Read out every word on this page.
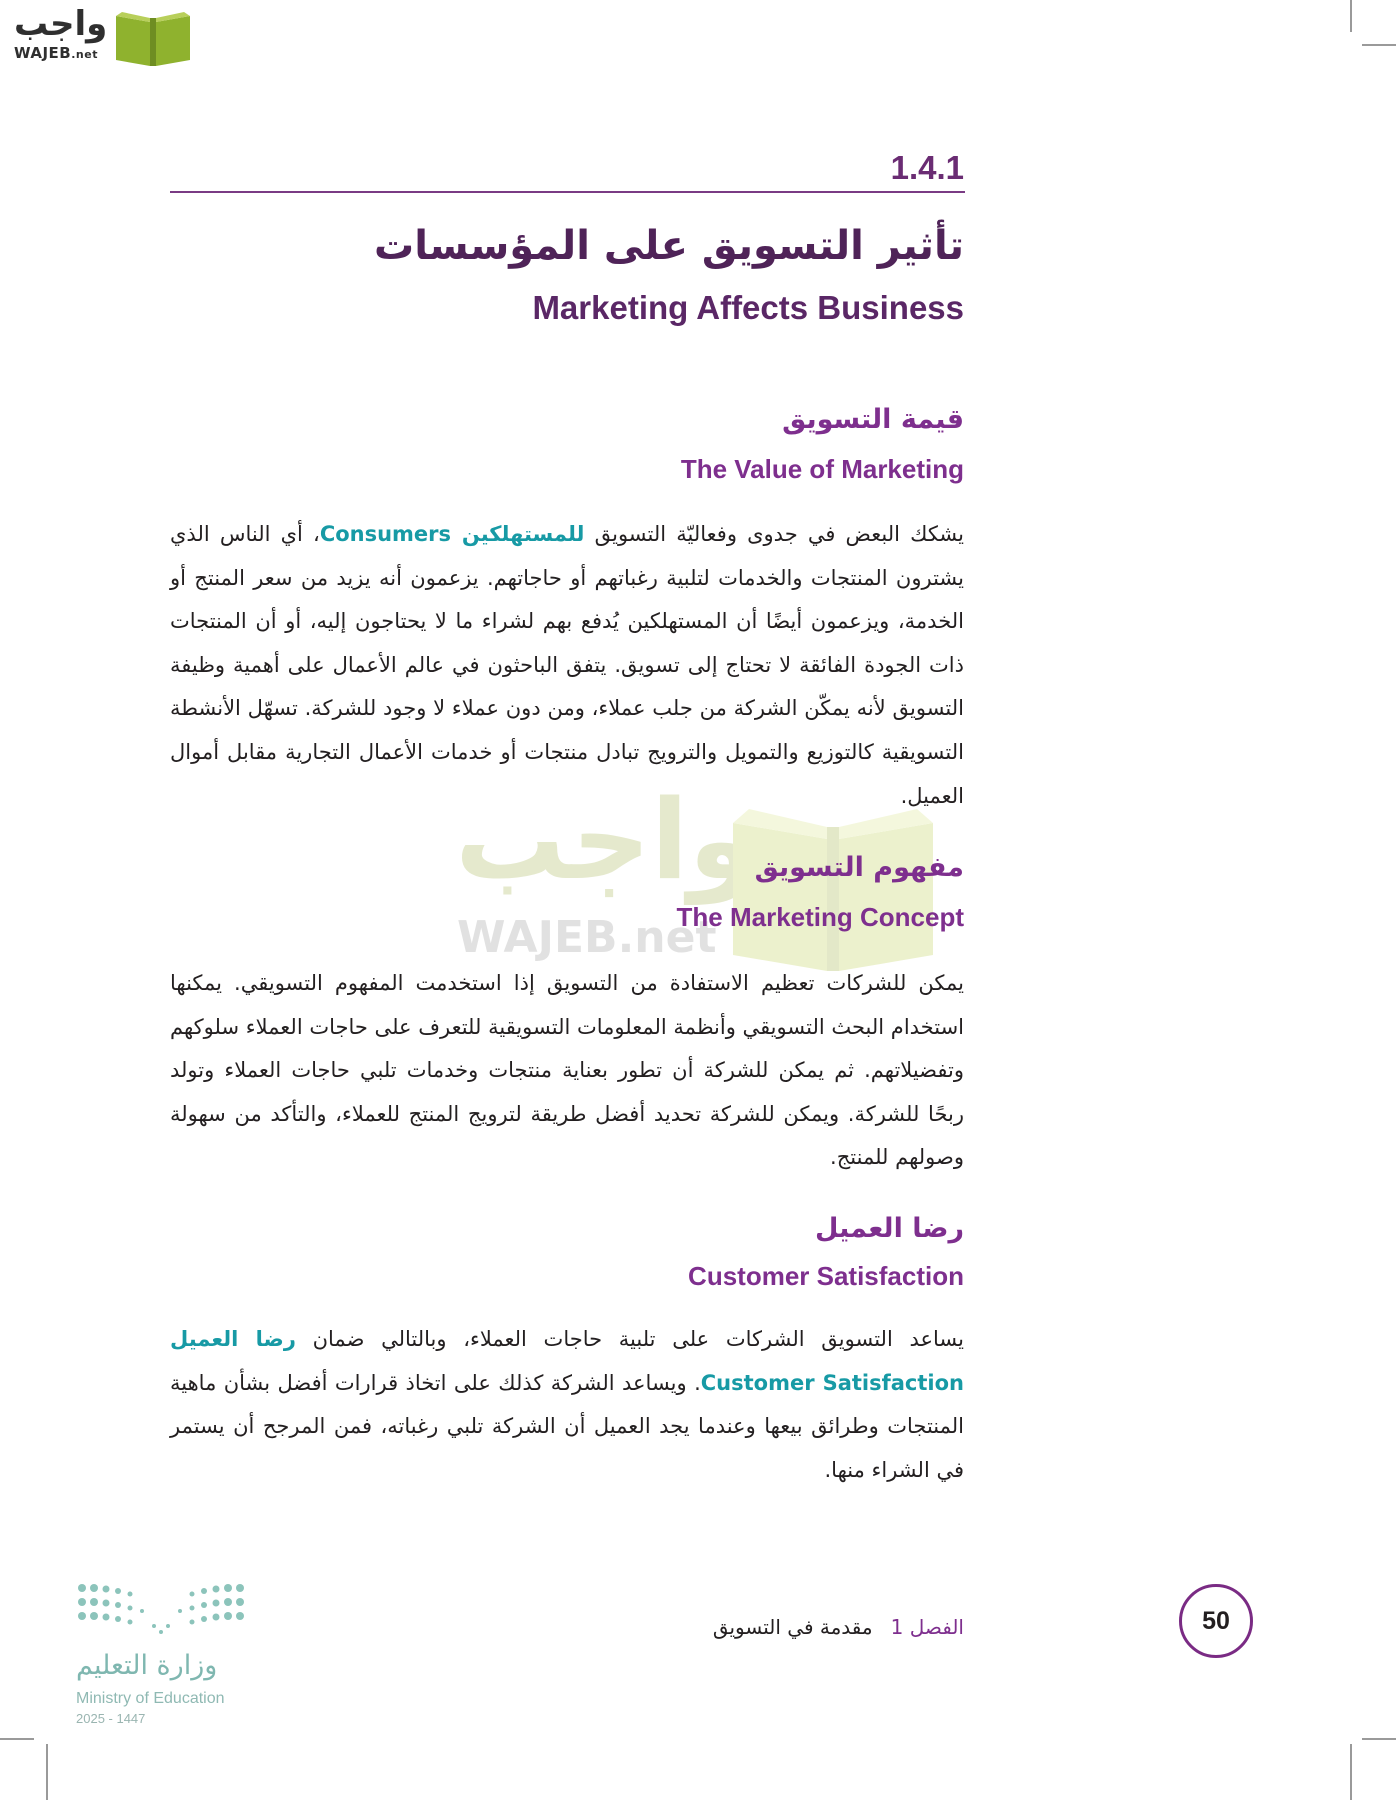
واجب
WAJEB.net
1.4.1
تأثير التسويق على المؤسسات
Marketing Affects Business
قيمة التسويق
The Value of Marketing
يشكك البعض في جدوى وفعاليّة التسويق للمستهلكين Consumers، أي الناس الذي يشترون المنتجات والخدمات لتلبية رغباتهم أو حاجاتهم. يزعمون أنه يزيد من سعر المنتج أو الخدمة، ويزعمون أيضًا أن المستهلكين يُدفع بهم لشراء ما لا يحتاجون إليه، أو أن المنتجات ذات الجودة الفائقة لا تحتاج إلى تسويق. يتفق الباحثون في عالم الأعمال على أهمية وظيفة التسويق لأنه يمكّن الشركة من جلب عملاء، ومن دون عملاء لا وجود للشركة. تسهّل الأنشطة التسويقية كالتوزيع والتمويل والترويج تبادل منتجات أو خدمات الأعمال التجارية مقابل أموال العميل.
واجب
WAJEB.net
مفهوم التسويق
The Marketing Concept
يمكن للشركات تعظيم الاستفادة من التسويق إذا استخدمت المفهوم التسويقي. يمكنها استخدام البحث التسويقي وأنظمة المعلومات التسويقية للتعرف على حاجات العملاء سلوكهم وتفضيلاتهم. ثم يمكن للشركة أن تطور بعناية منتجات وخدمات تلبي حاجات العملاء وتولد ربحًا للشركة. ويمكن للشركة تحديد أفضل طريقة لترويج المنتج للعملاء، والتأكد من سهولة وصولهم للمنتج.
رضا العميل
Customer Satisfaction
يساعد التسويق الشركات على تلبية حاجات العملاء، وبالتالي ضمان رضا العميل Customer Satisfaction. ويساعد الشركة كذلك على اتخاذ قرارات أفضل بشأن ماهية المنتجات وطرائق بيعها وعندما يجد العميل أن الشركة تلبي رغباته، فمن المرجح أن يستمر في الشراء منها.
50
الفصل 1مقدمة في التسويق
وزارة التعليم
Ministry of Education
2025 - 1447
